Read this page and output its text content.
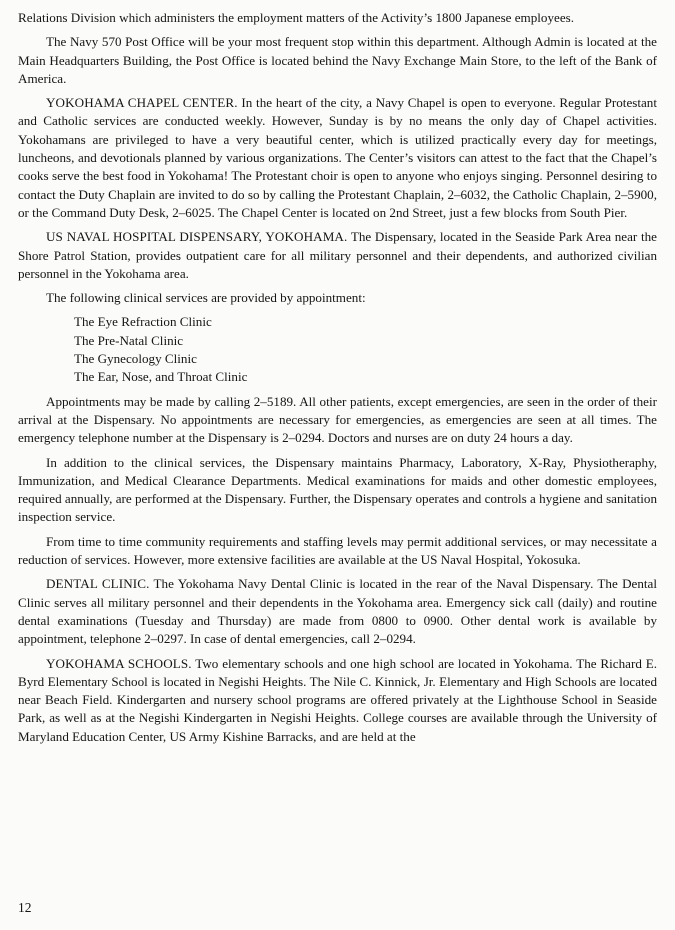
Relations Division which administers the employment matters of the Activity’s 1800 Japanese employees.

The Navy 570 Post Office will be your most frequent stop within this department. Although Admin is located at the Main Headquarters Building, the Post Office is located behind the Navy Exchange Main Store, to the left of the Bank of America.

YOKOHAMA CHAPEL CENTER. In the heart of the city, a Navy Chapel is open to everyone. Regular Protestant and Catholic services are conducted weekly. However, Sunday is by no means the only day of Chapel activities. Yokohamans are privileged to have a very beautiful center, which is utilized practically every day for meetings, luncheons, and devotionals planned by various organizations. The Center’s visitors can attest to the fact that the Chapel’s cooks serve the best food in Yokohama! The Protestant choir is open to anyone who enjoys singing. Personnel desiring to contact the Duty Chaplain are invited to do so by calling the Protestant Chaplain, 2–6032, the Catholic Chaplain, 2–5900, or the Command Duty Desk, 2–6025. The Chapel Center is located on 2nd Street, just a few blocks from South Pier.

US NAVAL HOSPITAL DISPENSARY, YOKOHAMA. The Dispensary, located in the Seaside Park Area near the Shore Patrol Station, provides outpatient care for all military personnel and their dependents, and authorized civilian personnel in the Yokohama area.

The following clinical services are provided by appointment:

The Eye Refraction Clinic
The Pre-Natal Clinic
The Gynecology Clinic
The Ear, Nose, and Throat Clinic

Appointments may be made by calling 2–5189. All other patients, except emergencies, are seen in the order of their arrival at the Dispensary. No appointments are necessary for emergencies, as emergencies are seen at all times. The emergency telephone number at the Dispensary is 2–0294. Doctors and nurses are on duty 24 hours a day.

In addition to the clinical services, the Dispensary maintains Pharmacy, Laboratory, X-Ray, Physiotheraphy, Immunization, and Medical Clearance Departments. Medical examinations for maids and other domestic employees, required annually, are performed at the Dispensary. Further, the Dispensary operates and controls a hygiene and sanitation inspection service.

From time to time community requirements and staffing levels may permit additional services, or may necessitate a reduction of services. However, more extensive facilities are available at the US Naval Hospital, Yokosuka.

DENTAL CLINIC. The Yokohama Navy Dental Clinic is located in the rear of the Naval Dispensary. The Dental Clinic serves all military personnel and their dependents in the Yokohama area. Emergency sick call (daily) and routine dental examinations (Tuesday and Thursday) are made from 0800 to 0900. Other dental work is available by appointment, telephone 2–0297. In case of dental emergencies, call 2–0294.

YOKOHAMA SCHOOLS. Two elementary schools and one high school are located in Yokohama. The Richard E. Byrd Elementary School is located in Negishi Heights. The Nile C. Kinnick, Jr. Elementary and High Schools are located near Beach Field. Kindergarten and nursery school programs are offered privately at the Lighthouse School in Seaside Park, as well as at the Negishi Kindergarten in Negishi Heights. College courses are available through the University of Maryland Education Center, US Army Kishine Barracks, and are held at the

12
